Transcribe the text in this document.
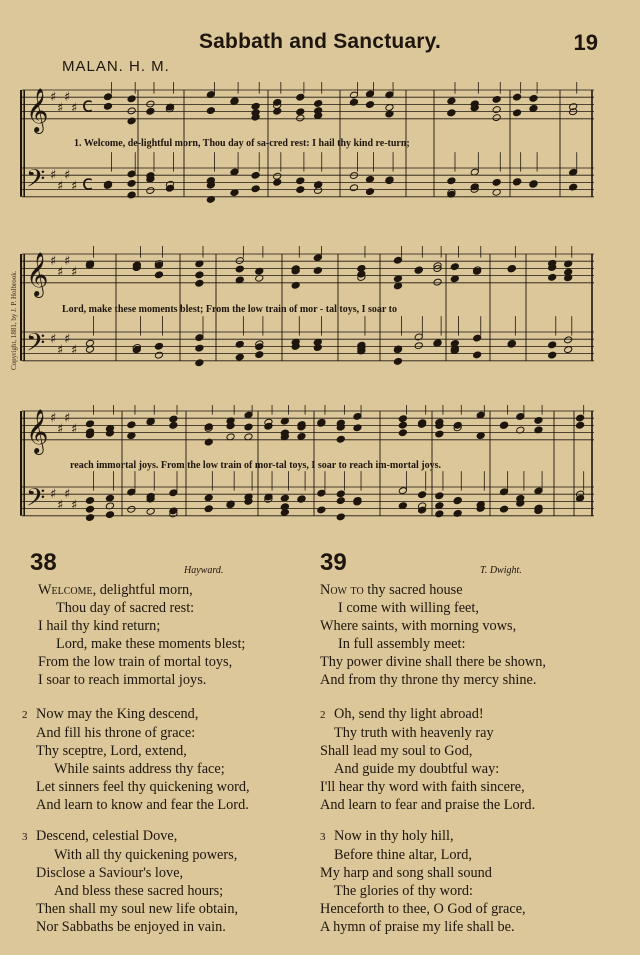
Sabbath and Sanctuary.	19
MALAN. H. M.
Copyright, 1881, by J. P. Holbrook.
𝄞 ♯
♯
♯
♯
𝄢 ♯
♯
♯
♯
c
c
1. Welcome, de-lightful morn, Thou day of sa-cred rest: I hail thy kind re-turn;
𝄞 ♯
♯
♯
♯
𝄢 ♯
♯
♯
♯
Lord, make these moments blest; From the low train of mor - tal toys, I soar to
𝄞 ♯
♯
♯
♯
𝄢 ♯
♯
♯
♯
reach immortal joys. From the low train of mor-tal toys, I soar to reach im-mortal joys.
38	Hayward.
Welcome, delightful morn,
Thou day of sacred rest:
I hail thy kind return;
Lord, make these moments blest;
From the low train of mortal toys,
I soar to reach immortal joys.
2 Now may the King descend,
And fill his throne of grace:
Thy sceptre, Lord, extend,
While saints address thy face;
Let sinners feel thy quickening word,
And learn to know and fear the Lord.
3 Descend, celestial Dove,
With all thy quickening powers,
Disclose a Saviour's love,
And bless these sacred hours;
Then shall my soul new life obtain,
Nor Sabbaths be enjoyed in vain.
39	T. Dwight.
Now to thy sacred house
I come with willing feet,
Where saints, with morning vows,
In full assembly meet:
Thy power divine shall there be shown,
And from thy throne thy mercy shine.
2 Oh, send thy light abroad!
Thy truth with heavenly ray
Shall lead my soul to God,
And guide my doubtful way:
I'll hear thy word with faith sincere,
And learn to fear and praise the Lord.
3 Now in thy holy hill,
Before thine altar, Lord,
My harp and song shall sound
The glories of thy word:
Henceforth to thee, O God of grace,
A hymn of praise my life shall be.
